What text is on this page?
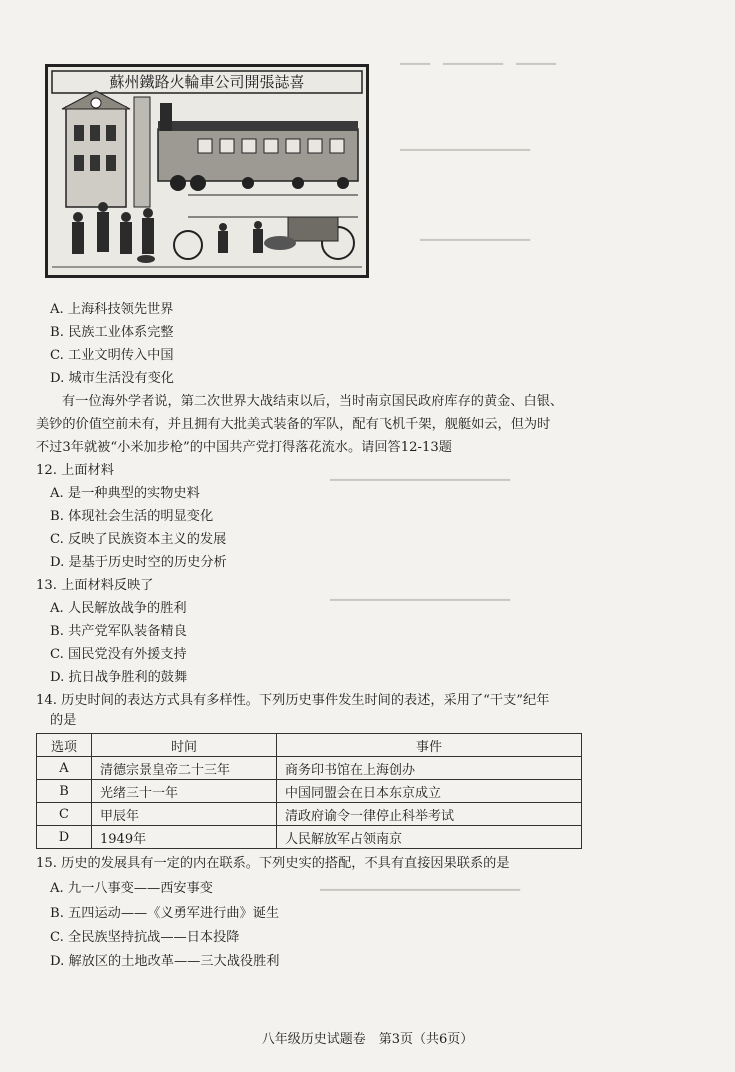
▔▔▔　▔▔▔▔▔▔　▔▔▔▔
▔▔▔▔▔▔▔▔▔▔▔▔▔
▔▔▔▔▔▔▔▔▔▔▔
▔▔▔▔▔▔▔▔▔▔▔▔▔▔▔▔▔▔
▔▔▔▔▔▔▔▔▔▔▔▔▔▔▔▔▔▔
▔▔▔▔▔▔▔▔▔▔▔▔▔▔▔▔▔▔▔▔
蘇州鐵路火輪車公司開張誌喜
A. 上海科技领先世界
B. 民族工业体系完整
C. 工业文明传入中国
D. 城市生活没有变化
有一位海外学者说，第二次世界大战结束以后，当时南京国民政府库存的黄金、白银、
美钞的价值空前未有，并且拥有大批美式装备的军队，配有飞机千架，舰艇如云，但为时
不过3年就被“小米加步枪”的中国共产党打得落花流水。请回答12-13题
12. 上面材料
A. 是一种典型的实物史料
B. 体现社会生活的明显变化
C. 反映了民族资本主义的发展
D. 是基于历史时空的历史分析
13. 上面材料反映了
A. 人民解放战争的胜利
B. 共产党军队装备精良
C. 国民党没有外援支持
D. 抗日战争胜利的鼓舞
14. 历史时间的表达方式具有多样性。下列历史事件发生时间的表述，采用了“干支”纪年
的是
选项	时间	事件
A	清德宗景皇帝二十三年	商务印书馆在上海创办
B	光绪三十一年	中国同盟会在日本东京成立
C	甲辰年	清政府谕令一律停止科举考试
D	1949年	人民解放军占领南京
15. 历史的发展具有一定的内在联系。下列史实的搭配，不具有直接因果联系的是
A. 九一八事变——西安事变
B. 五四运动——《义勇军进行曲》诞生
C. 全民族坚持抗战——日本投降
D. 解放区的土地改革——三大战役胜利
八年级历史试题卷　第3页（共6页）
